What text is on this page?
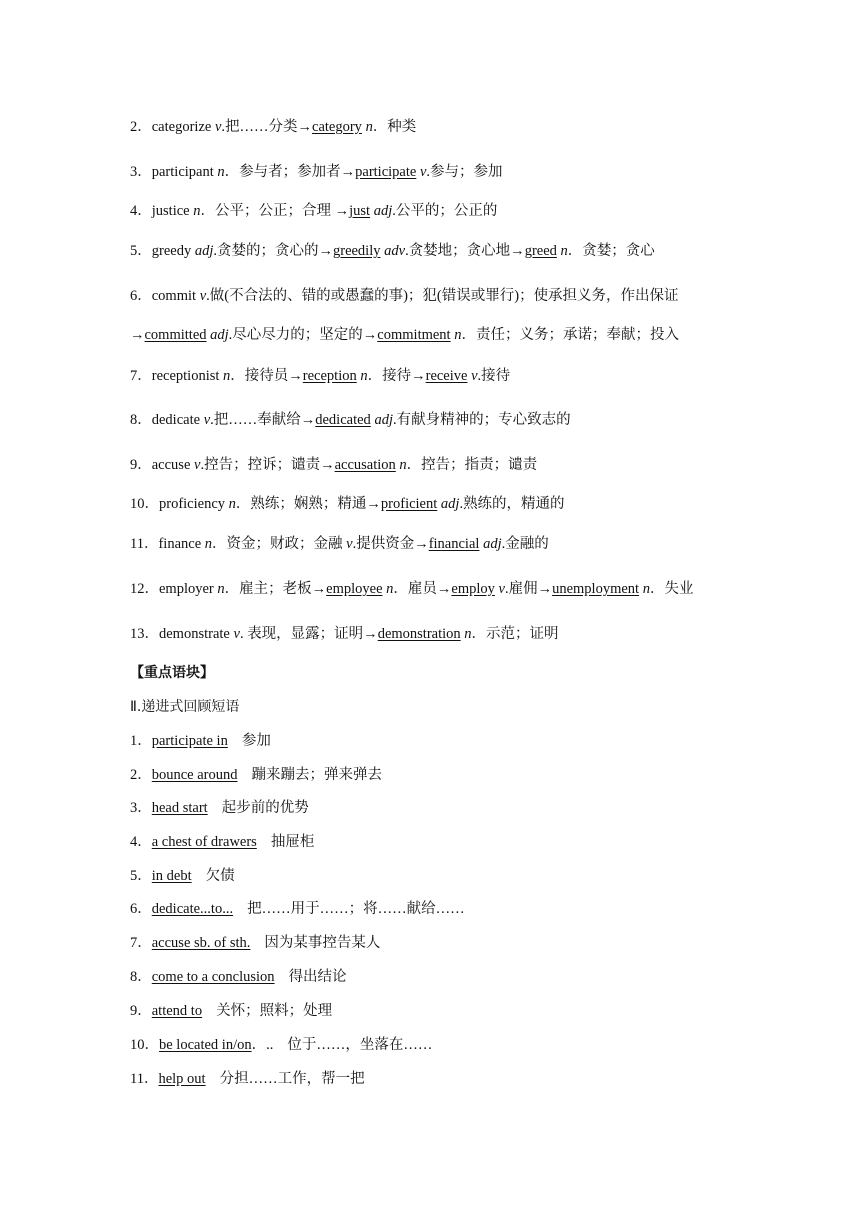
2．categorize v.把……分类→category n．种类
3．participant n．参与者；参加者→participate v.参与；参加
4．justice n．公平；公正；合理 →just adj.公平的；公正的
5．greedy adj.贪婪的；贪心的→greedily adv.贪婪地；贪心地→greed n．贪婪；贪心
6．commit v.做(不合法的、错的或愚蠢的事)；犯(错误或罪行)；使承担义务，作出保证
→committed adj.尽心尽力的；坚定的→commitment n．责任；义务；承诺；奉献；投入
7．receptionist n．接待员→reception n．接待→receive v.接待
8．dedicate v.把……奉献给→dedicated adj.有献身精神的；专心致志的
9．accuse v.控告；控诉；谴责→accusation n．控告；指责；谴责
10．proficiency n．熟练；娴熟；精通→proficient adj.熟练的，精通的
11．finance n．资金；财政；金融 v.提供资金→financial adj.金融的
12．employer n．雇主；老板→employee n．雇员→employ v.雇佣→unemployment n．失业
13．demonstrate v. 表现，显露；证明→demonstration n．示范；证明
【重点语块】
Ⅱ.递进式回顾短语
1．participate in 参加
2．bounce around 蹦来蹦去；弹来弹去
3．head start 起步前的优势
4．a chest of drawers 抽屉柜
5．in debt 欠债
6．dedicate...to... 把……用于……；将……献给……
7．accuse sb. of sth. 因为某事控告某人
8．come to a conclusion 得出结论
9．attend to 关怀；照料；处理
10．be located in/on．.. 位于……，坐落在……
11．help out 分担……工作，帮一把
